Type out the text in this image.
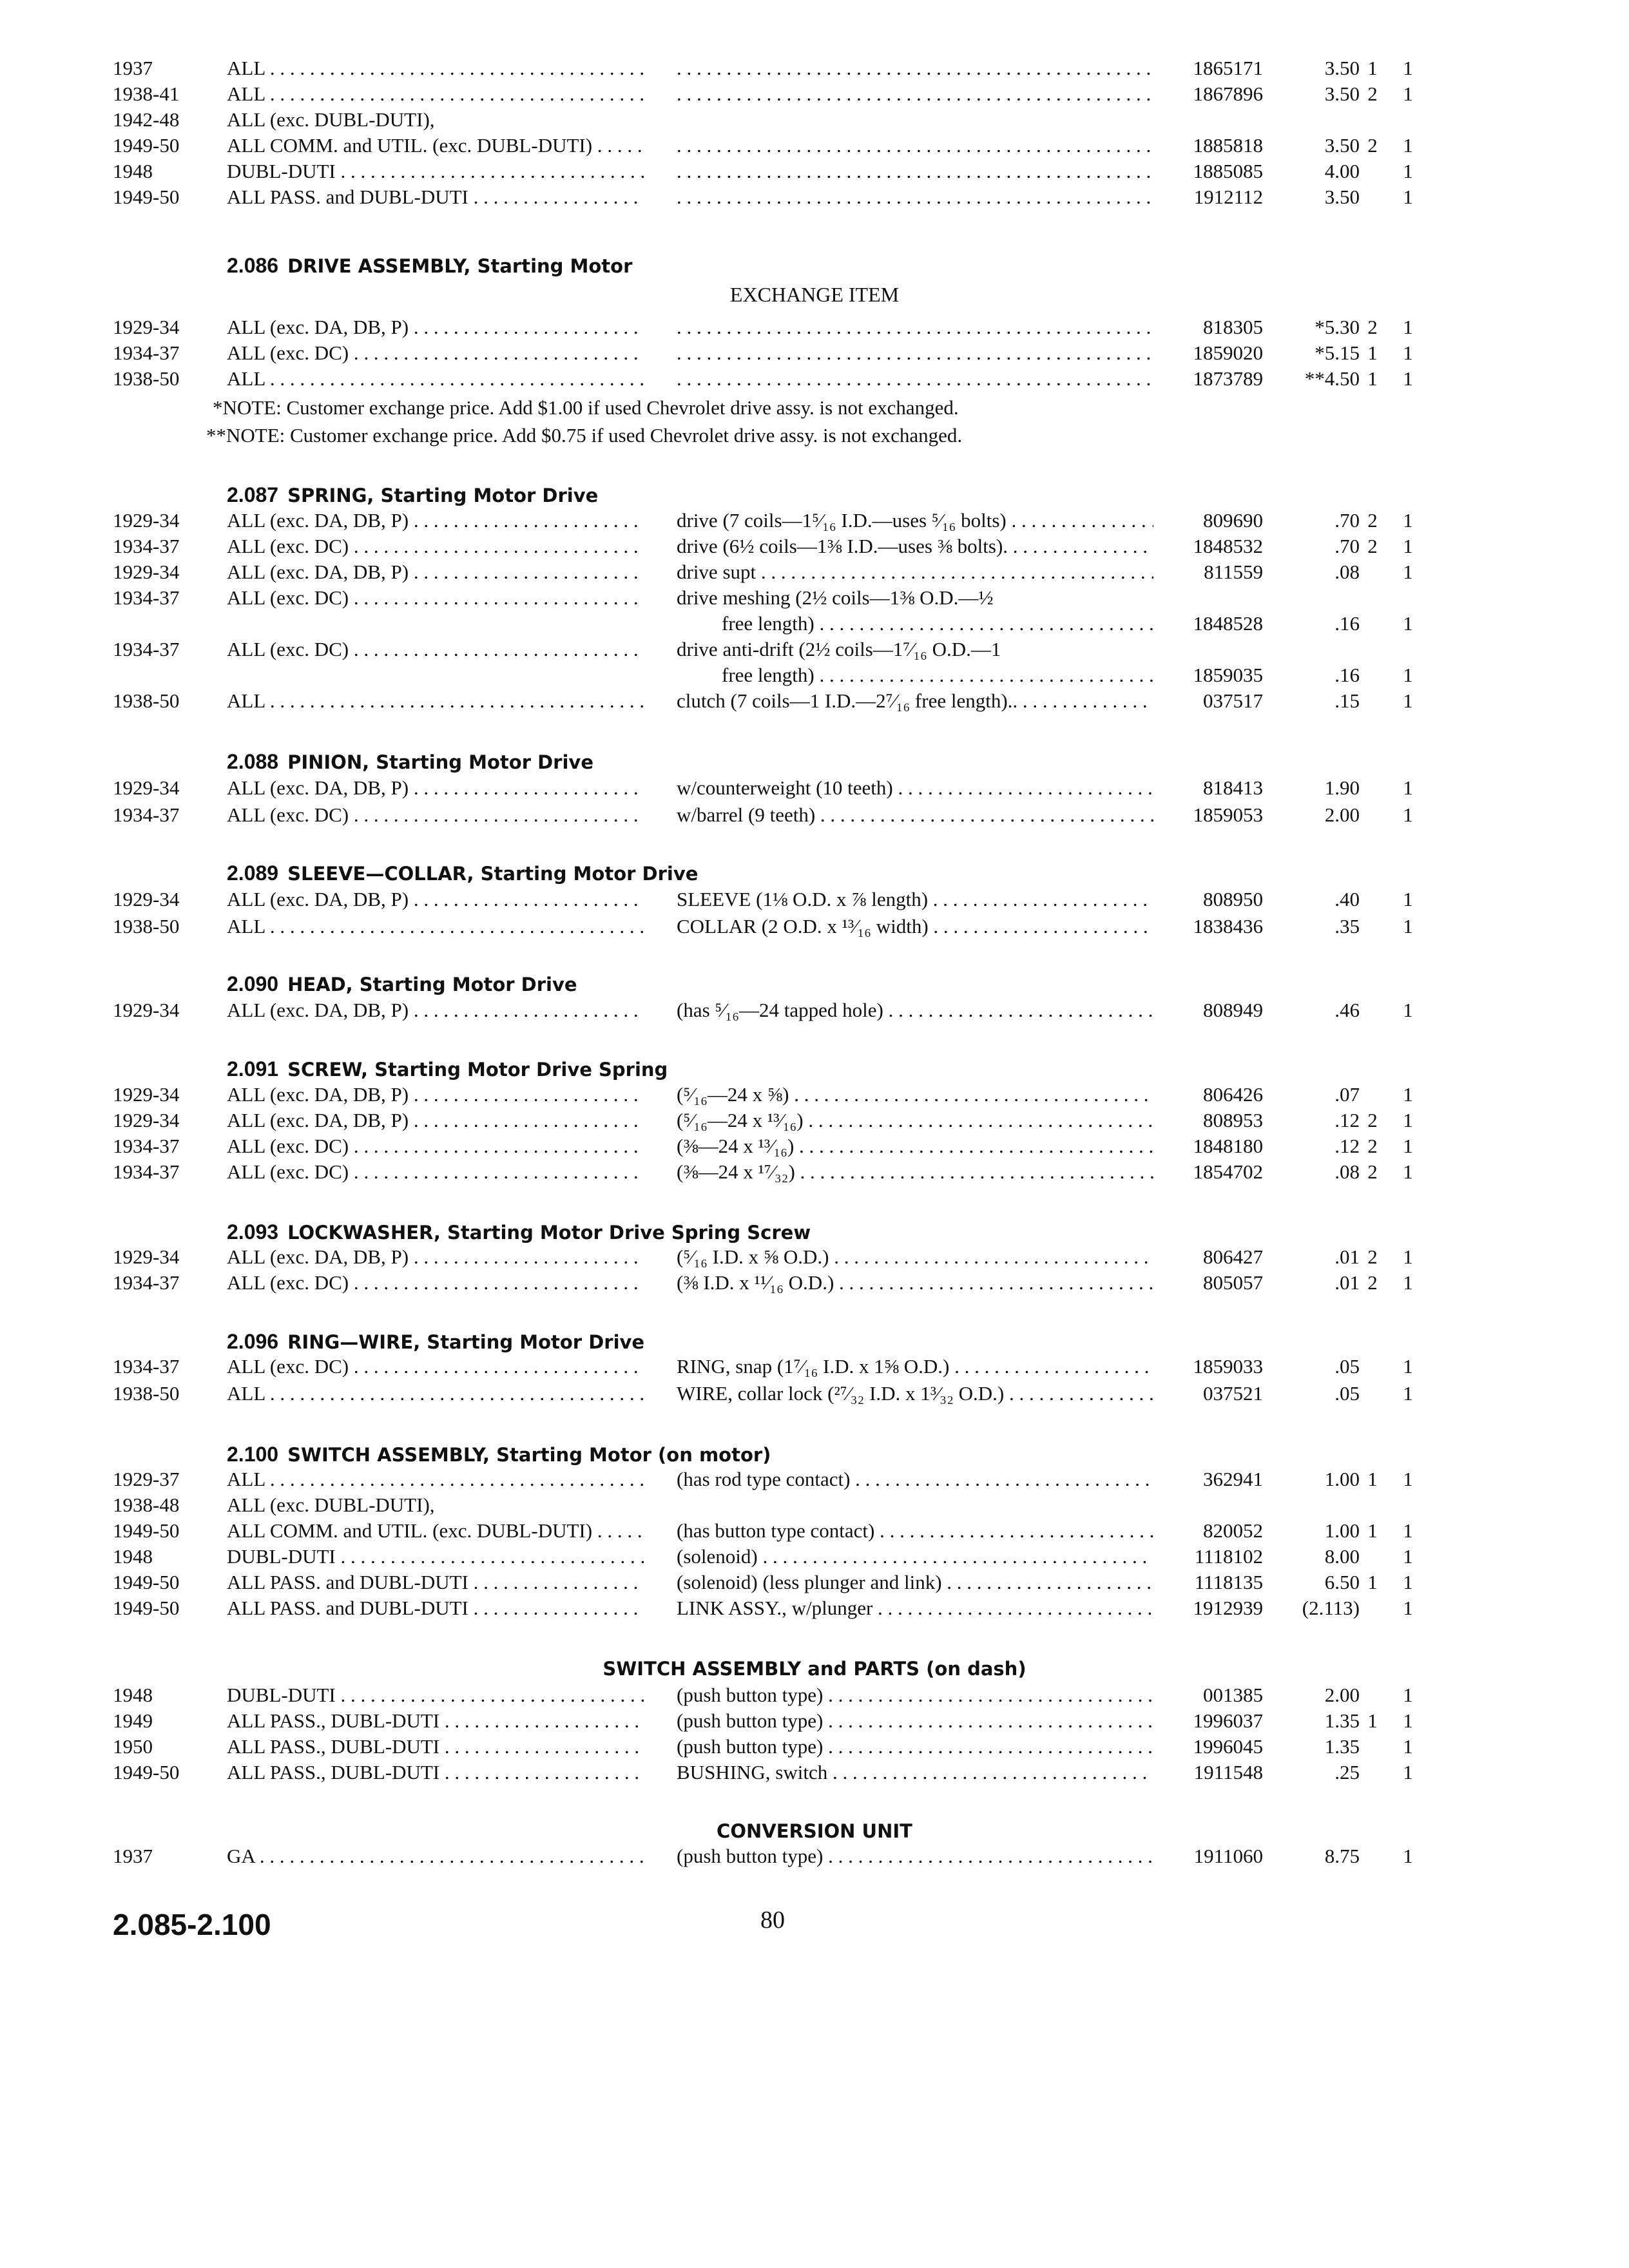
1937	ALL . . . . . .	1865171	3.50 1	1
1938-41	ALL . . . . . .	1867896	3.50 2	1
1942-48	ALL (exc. DUBL-DUTI),
1949-50	ALL COMM. and UTIL. (exc. DUBL-DUTI) . . . . . .	1885818	3.50 2	1
1948	DUBL-DUTI . . . . . .	1885085	4.00	1
1949-50	ALL PASS. and DUBL-DUTI . . . . . .	1912112	3.50	1
2.086 DRIVE ASSEMBLY, Starting Motor
EXCHANGE ITEM
1929-34	ALL (exc. DA, DB, P) . . . . . .	818305	*5.30 2	1
1934-37	ALL (exc. DC) . . . . . .	1859020	*5.15 1	1
1938-50	ALL . . . . . .	1873789	**4.50 1	1
*NOTE: Customer exchange price. Add $1.00 if used Chevrolet drive assy. is not exchanged.
**NOTE: Customer exchange price. Add $0.75 if used Chevrolet drive assy. is not exchanged.
2.087 SPRING, Starting Motor Drive
1929-34	ALL (exc. DA, DB, P) . . .	drive (7 coils—1⁵⁄₁₆ I.D.—uses ⁵⁄₁₆ bolts) . . .	809690	.70 2	1
1934-37	ALL (exc. DC) . . .	drive (6½ coils—1⅜ I.D.—uses ⅜ bolts). . . .	1848532	.70 2	1
1929-34	ALL (exc. DA, DB, P) . . .	drive supt . . .	811559	.08	1
1934-37	ALL (exc. DC) . . .	drive meshing (2½ coils—1⅜ O.D.—½
free length) . . .	1848528	.16	1
1934-37	ALL (exc. DC) . . .	drive anti-drift (2½ coils—1⁷⁄₁₆ O.D.—1
free length) . . .	1859035	.16	1
1938-50	ALL . . .	clutch (7 coils—1 I.D.—2⁷⁄₁₆ free length).. . . .	037517	.15	1
2.088 PINION, Starting Motor Drive
1929-34	ALL (exc. DA, DB, P) . . .	w/counterweight (10 teeth) . . .	818413	1.90	1
1934-37	ALL (exc. DC) . . .	w/barrel (9 teeth) . . .	1859053	2.00	1
2.089 SLEEVE—COLLAR, Starting Motor Drive
1929-34	ALL (exc. DA, DB, P) . . .	SLEEVE (1⅛ O.D. x ⅞ length) . . .	808950	.40	1
1938-50	ALL . . .	COLLAR (2 O.D. x ¹³⁄₁₆ width) . . .	1838436	.35	1
2.090 HEAD, Starting Motor Drive
1929-34	ALL (exc. DA, DB, P) . . .	(has ⁵⁄₁₆—24 tapped hole) . . .	808949	.46	1
2.091 SCREW, Starting Motor Drive Spring
1929-34	ALL (exc. DA, DB, P) . . .	(⁵⁄₁₆—24 x ⅝) . . .	806426	.07	1
1929-34	ALL (exc. DA, DB, P) . . .	(⁵⁄₁₆—24 x ¹³⁄₁₆) . . .	808953	.12 2	1
1934-37	ALL (exc. DC) . . .	(⅜—24 x ¹³⁄₁₆) . . .	1848180	.12 2	1
1934-37	ALL (exc. DC) . . .	(⅜—24 x ¹⁷⁄₃₂) . . .	1854702	.08 2	1
2.093 LOCKWASHER, Starting Motor Drive Spring Screw
1929-34	ALL (exc. DA, DB, P) . . .	(⁵⁄₁₆ I.D. x ⅝ O.D.) . . .	806427	.01 2	1
1934-37	ALL (exc. DC) . . .	(⅜ I.D. x ¹¹⁄₁₆ O.D.) . . .	805057	.01 2	1
2.096 RING—WIRE, Starting Motor Drive
1934-37	ALL (exc. DC) . . .	RING, snap (1⁷⁄₁₆ I.D. x 1⅝ O.D.) . . .	1859033	.05	1
1938-50	ALL . . .	WIRE, collar lock (²⁷⁄₃₂ I.D. x 1³⁄₃₂ O.D.) . . .	037521	.05	1
2.100 SWITCH ASSEMBLY, Starting Motor (on motor)
1929-37	ALL . . .	(has rod type contact) . . .	362941	1.00 1	1
1938-48	ALL (exc. DUBL-DUTI),
1949-50	ALL COMM. and UTIL. (exc. DUBL-DUTI) . . .	(has button type contact) . . .	820052	1.00 1	1
1948	DUBL-DUTI . . .	(solenoid) . . .	1118102	8.00	1
1949-50	ALL PASS. and DUBL-DUTI . . .	(solenoid) (less plunger and link) . . .	1118135	6.50 1	1
1949-50	ALL PASS. and DUBL-DUTI . . .	LINK ASSY., w/plunger . . .	1912939	(2.113)	1
SWITCH ASSEMBLY and PARTS (on dash)
1948	DUBL-DUTI . . .	(push button type) . . .	001385	2.00	1
1949	ALL PASS., DUBL-DUTI . . .	(push button type) . . .	1996037	1.35 1	1
1950	ALL PASS., DUBL-DUTI . . .	(push button type) . . .	1996045	1.35	1
1949-50	ALL PASS., DUBL-DUTI . . .	BUSHING, switch . . .	1911548	.25	1
CONVERSION UNIT
1937	GA . . .	(push button type) . . .	1911060	8.75	1
2.085-2.100	80
